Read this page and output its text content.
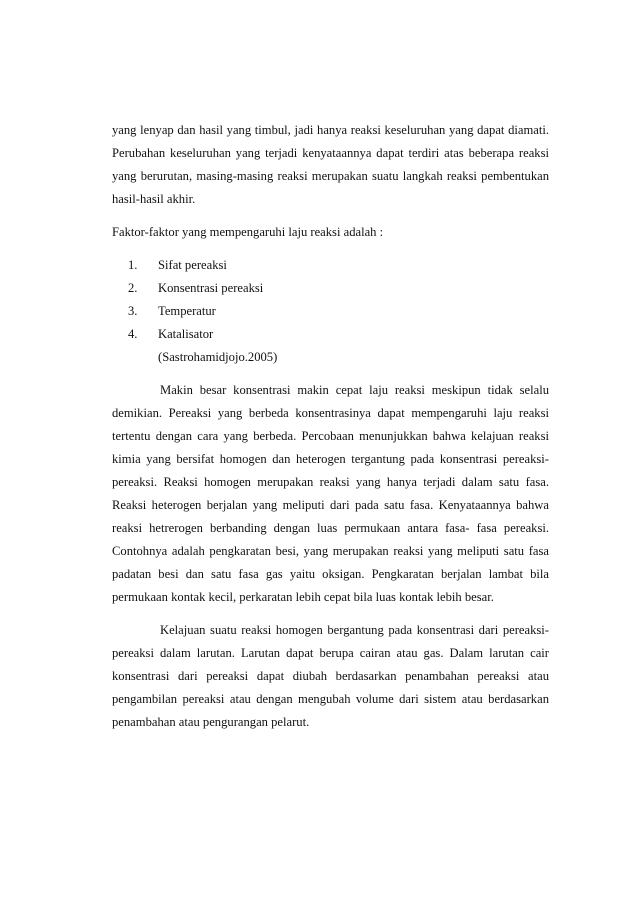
yang lenyap dan hasil yang timbul, jadi hanya reaksi keseluruhan yang dapat diamati. Perubahan keseluruhan yang terjadi kenyataannya dapat terdiri atas beberapa reaksi yang berurutan, masing-masing reaksi merupakan suatu langkah reaksi pembentukan hasil-hasil akhir.

Faktor-faktor yang mempengaruhi laju reaksi adalah :

1.	Sifat pereaksi
2.	Konsentrasi pereaksi
3.	Temperatur
4.	Katalisator

(Sastrohamidjojo.2005)

Makin besar konsentrasi makin cepat laju reaksi meskipun tidak selalu demikian. Pereaksi yang berbeda konsentrasinya dapat mempengaruhi laju reaksi tertentu dengan cara yang berbeda. Percobaan menunjukkan bahwa kelajuan reaksi kimia yang bersifat homogen dan heterogen tergantung pada konsentrasi pereaksi- pereaksi. Reaksi homogen merupakan reaksi yang hanya terjadi dalam satu fasa. Reaksi heterogen berjalan yang meliputi dari pada satu fasa. Kenyataannya bahwa reaksi hetrerogen berbanding dengan luas permukaan antara fasa- fasa pereaksi. Contohnya adalah pengkaratan besi, yang merupakan reaksi yang meliputi satu fasa padatan besi dan satu fasa gas yaitu oksigan. Pengkaratan berjalan lambat bila permukaan kontak kecil, perkaratan lebih cepat bila luas kontak lebih besar.

Kelajuan suatu reaksi homogen bergantung pada konsentrasi dari pereaksi-pereaksi dalam larutan. Larutan dapat berupa cairan atau gas. Dalam larutan cair konsentrasi dari pereaksi dapat diubah berdasarkan penambahan pereaksi atau pengambilan pereaksi atau dengan mengubah volume dari sistem atau berdasarkan penambahan atau pengurangan pelarut.
